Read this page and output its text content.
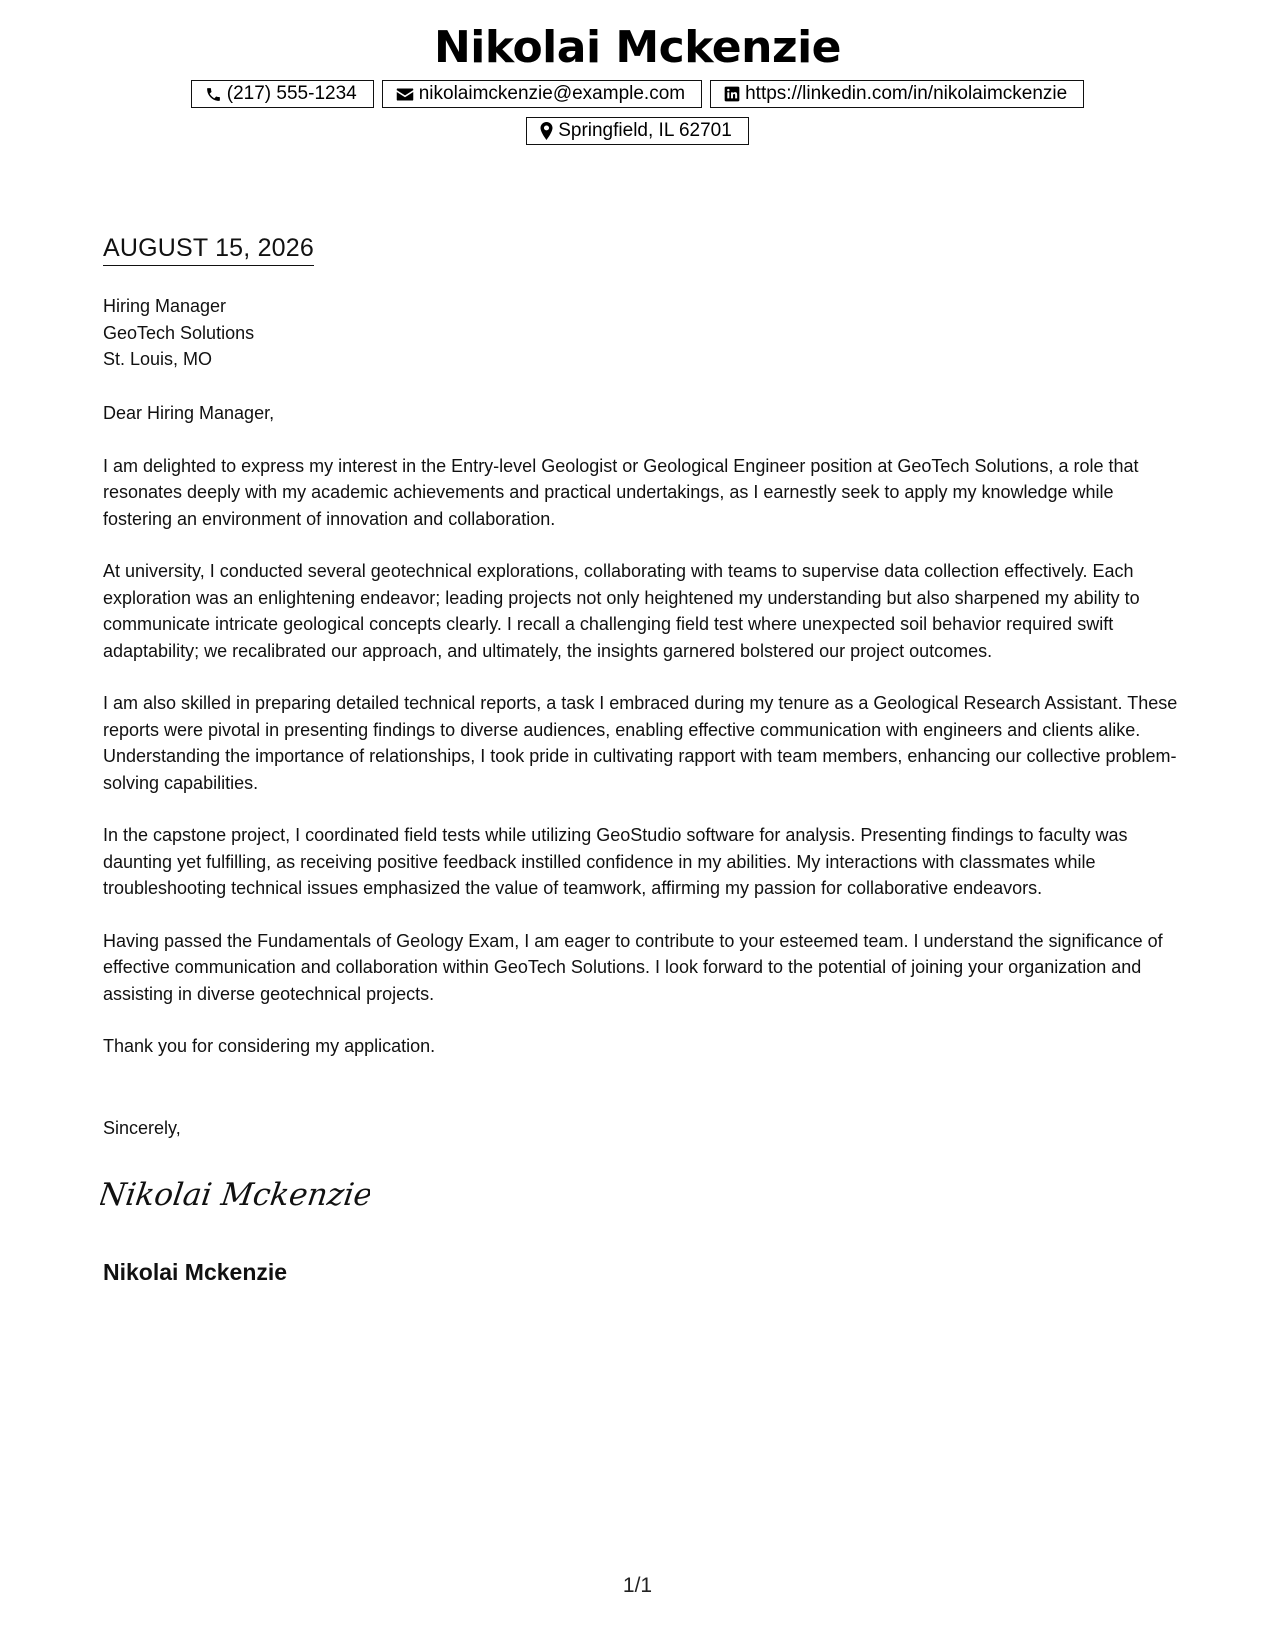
Nikolai Mckenzie
(217) 555-1234	nikolaimckenzie@example.com	https://linkedin.com/in/nikolaimckenzie
Springfield, IL 62701
AUGUST 15, 2026
Hiring Manager
GeoTech Solutions
St. Louis, MO

Dear Hiring Manager,

I am delighted to express my interest in the Entry-level Geologist or Geological Engineer position at GeoTech Solutions, a role that resonates deeply with my academic achievements and practical undertakings, as I earnestly seek to apply my knowledge while fostering an environment of innovation and collaboration.

At university, I conducted several geotechnical explorations, collaborating with teams to supervise data collection effectively. Each exploration was an enlightening endeavor; leading projects not only heightened my understanding but also sharpened my ability to communicate intricate geological concepts clearly. I recall a challenging field test where unexpected soil behavior required swift adaptability; we recalibrated our approach, and ultimately, the insights garnered bolstered our project outcomes.

I am also skilled in preparing detailed technical reports, a task I embraced during my tenure as a Geological Research Assistant. These reports were pivotal in presenting findings to diverse audiences, enabling effective communication with engineers and clients alike. Understanding the importance of relationships, I took pride in cultivating rapport with team members, enhancing our collective problem-solving capabilities.

In the capstone project, I coordinated field tests while utilizing GeoStudio software for analysis. Presenting findings to faculty was daunting yet fulfilling, as receiving positive feedback instilled confidence in my abilities. My interactions with classmates while troubleshooting technical issues emphasized the value of teamwork, affirming my passion for collaborative endeavors.

Having passed the Fundamentals of Geology Exam, I am eager to contribute to your esteemed team. I understand the significance of effective communication and collaboration within GeoTech Solutions. I look forward to the potential of joining your organization and assisting in diverse geotechnical projects.

Thank you for considering my application.

Sincerely,
Nikolai Mckenzie
Nikolai Mckenzie
1/1
